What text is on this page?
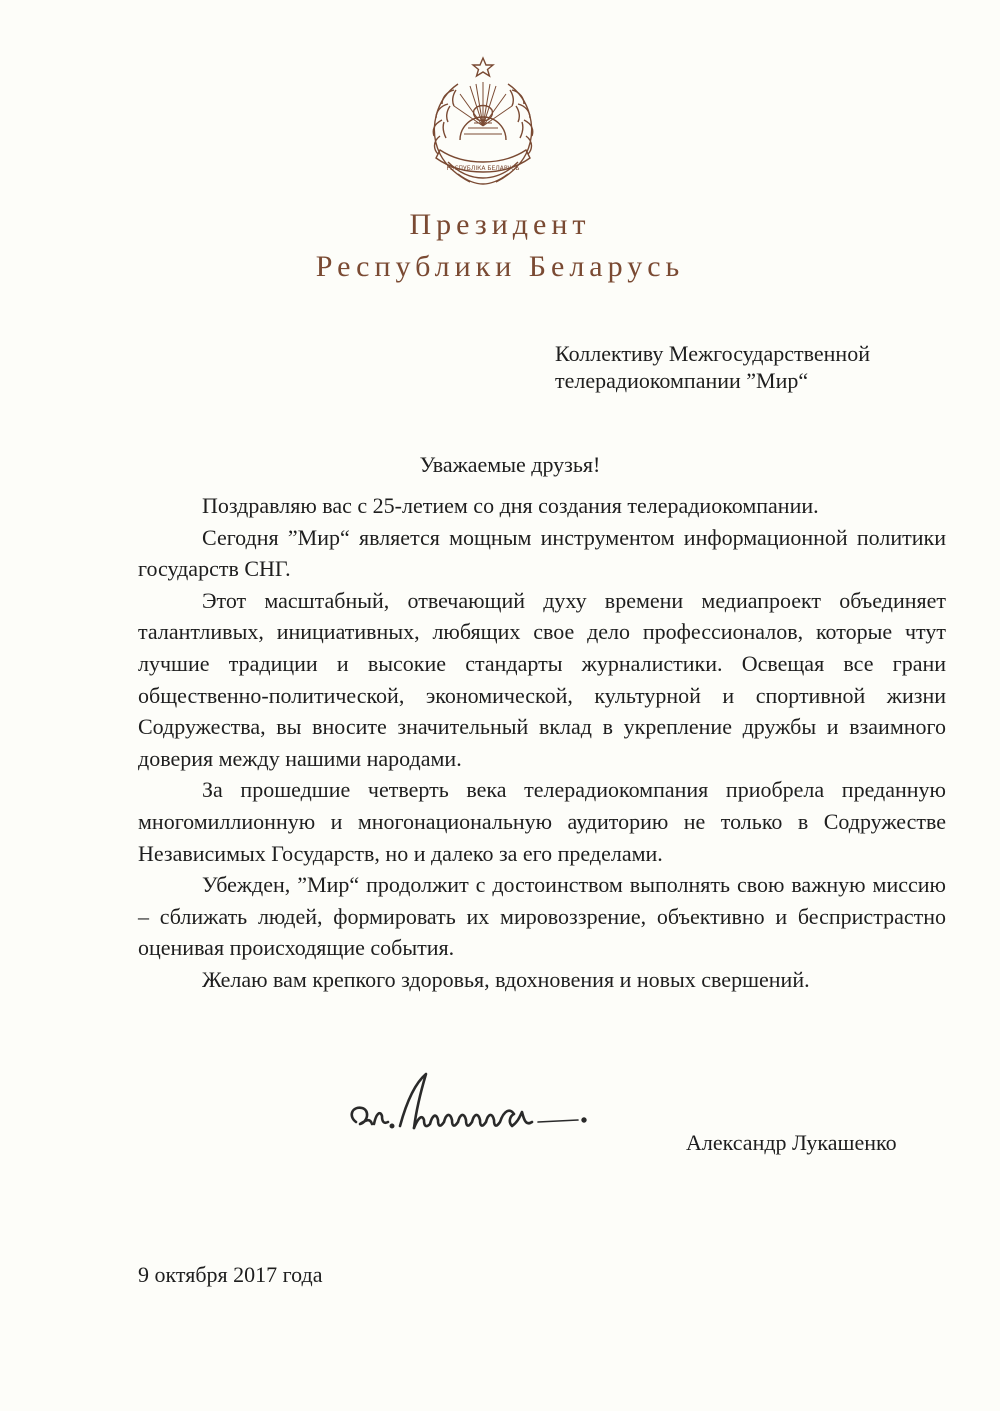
РЭСПУБЛІКА БЕЛАРУСЬ
Президент
Республики Беларусь
Коллективу Межгосударственной
телерадиокомпании ”Мир“
Уважаемые друзья!

Поздравляю вас с 25-летием со дня создания телерадиокомпании.

Сегодня ”Мир“ является мощным инструментом информационной политики государств СНГ.

Этот масштабный, отвечающий духу времени медиапроект объединяет талантливых, инициативных, любящих свое дело профессионалов, которые чтут лучшие традиции и высокие стандарты журналистики. Освещая все грани общественно-политической, экономической, культурной и спортивной жизни Содружества, вы вносите значительный вклад в укрепление дружбы и взаимного доверия между нашими народами.

За прошедшие четверть века телерадиокомпания приобрела преданную многомиллионную и многонациональную аудиторию не только в Содружестве Независимых Государств, но и далеко за его пределами.

Убежден, ”Мир“ продолжит с достоинством выполнять свою важную миссию – сближать людей, формировать их мировоззрение, объективно и беспристрастно оценивая происходящие события.

Желаю вам крепкого здоровья, вдохновения и новых свершений.

Александр Лукашенко
9 октября 2017 года
